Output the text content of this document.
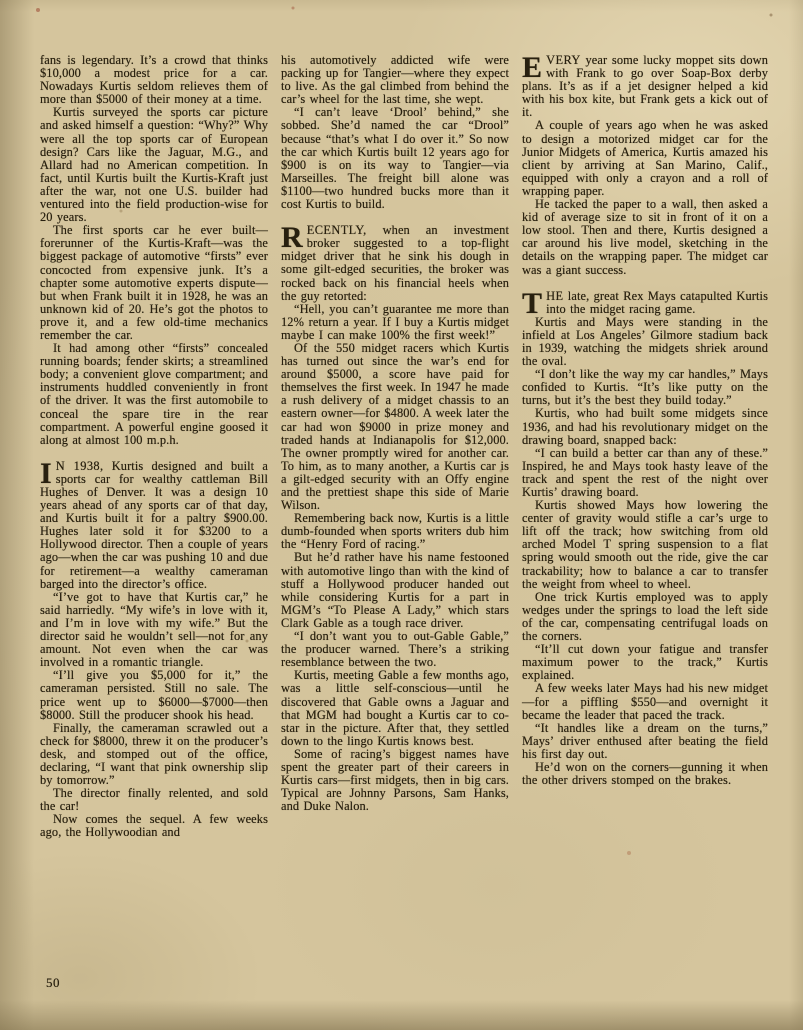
fans is legendary. It’s a crowd that thinks $10,000 a modest price for a car. Nowadays Kurtis seldom relieves them of more than $5000 of their money at a time.

Kurtis surveyed the sports car picture and asked himself a question: “Why?” Why were all the top sports car of European design? Cars like the Jaguar, M.G., and Allard had no American competition. In fact, until Kurtis built the Kurtis-Kraft just after the war, not one U.S. builder had ventured into the field production-wise for 20 years.

The first sports car he ever built—forerunner of the Kurtis-Kraft—was the biggest package of automotive “firsts” ever concocted from expensive junk. It’s a chapter some automotive experts dispute—but when Frank built it in 1928, he was an unknown kid of 20. He’s got the photos to prove it, and a few old-time mechanics remember the car.

It had among other “firsts” concealed running boards; fender skirts; a streamlined body; a convenient glove compartment; and instruments huddled conveniently in front of the driver. It was the first automobile to conceal the spare tire in the rear compartment. A powerful engine goosed it along at almost 100 m.p.h.

I N 1938, Kurtis designed and built a sports car for wealthy cattleman Bill Hughes of Denver. It was a design 10 years ahead of any sports car of that day, and Kurtis built it for a paltry $900.00. Hughes later sold it for $3200 to a Hollywood director. Then a couple of years ago—when the car was pushing 10 and due for retirement—a wealthy cameraman barged into the director’s office.

“I’ve got to have that Kurtis car,” he said harriedly. “My wife’s in love with it, and I’m in love with my wife.” But the director said he wouldn’t sell—not for any amount. Not even when the car was involved in a romantic triangle.

“I’ll give you $5,000 for it,” the cameraman persisted. Still no sale. The price went up to $6000—$7000—then $8000. Still the producer shook his head.

Finally, the cameraman scrawled out a check for $8000, threw it on the producer’s desk, and stomped out of the office, declaring, “I want that pink ownership slip by tomorrow.”

The director finally relented, and sold the car!

Now comes the sequel. A few weeks ago, the Hollywoodian and

his automotively addicted wife were packing up for Tangier—where they expect to live. As the gal climbed from behind the car’s wheel for the last time, she wept.

“I can’t leave ‘Drool’ behind,” she sobbed. She’d named the car “Drool” because “that’s what I do over it.” So now the car which Kurtis built 12 years ago for $900 is on its way to Tangier—via Marseilles. The freight bill alone was $1100—two hundred bucks more than it cost Kurtis to build.

RECENTLY, when an investment broker suggested to a top-flight midget driver that he sink his dough in some gilt-edged securities, the broker was rocked back on his financial heels when the guy retorted:

“Hell, you can’t guarantee me more than 12% return a year. If I buy a Kurtis midget maybe I can make 100% the first week!”

Of the 550 midget racers which Kurtis has turned out since the war’s end for around $5000, a score have paid for themselves the first week. In 1947 he made a rush delivery of a midget chassis to an eastern owner—for $4800. A week later the car had won $9000 in prize money and traded hands at Indianapolis for $12,000. The owner promptly wired for another car. To him, as to many another, a Kurtis car is a gilt-edged security with an Offy engine and the prettiest shape this side of Marie Wilson.

Remembering back now, Kurtis is a little dumb-founded when sports writers dub him the “Henry Ford of racing.”

But he’d rather have his name festooned with automotive lingo than with the kind of stuff a Hollywood producer handed out while considering Kurtis for a part in MGM’s “To Please A Lady,” which stars Clark Gable as a tough race driver.

“I don’t want you to out-Gable Gable,” the producer warned. There’s a striking resemblance between the two.

Kurtis, meeting Gable a few months ago, was a little self-conscious—until he discovered that Gable owns a Jaguar and that MGM had bought a Kurtis car to co-star in the picture. After that, they settled down to the lingo Kurtis knows best.

Some of racing’s biggest names have spent the greater part of their careers in Kurtis cars—first midgets, then in big cars. Typical are Johnny Parsons, Sam Hanks, and Duke Nalon.

EVERY year some lucky moppet sits down with Frank to go over Soap-Box derby plans. It’s as if a jet designer helped a kid with his box kite, but Frank gets a kick out of it.

A couple of years ago when he was asked to design a motorized midget car for the Junior Midgets of America, Kurtis amazed his client by arriving at San Marino, Calif., equipped with only a crayon and a roll of wrapping paper.

He tacked the paper to a wall, then asked a kid of average size to sit in front of it on a low stool. Then and there, Kurtis designed a car around his live model, sketching in the details on the wrapping paper. The midget car was a giant success.

THE late, great Rex Mays catapulted Kurtis into the midget racing game.

Kurtis and Mays were standing in the infield at Los Angeles’ Gilmore stadium back in 1939, watching the midgets shriek around the oval.

“I don’t like the way my car handles,” Mays confided to Kurtis. “It’s like putty on the turns, but it’s the best they build today.”

Kurtis, who had built some midgets since 1936, and had his revolutionary midget on the drawing board, snapped back:

“I can build a better car than any of these.” Inspired, he and Mays took hasty leave of the track and spent the rest of the night over Kurtis’ drawing board.

Kurtis showed Mays how lowering the center of gravity would stifle a car’s urge to lift off the track; how switching from old arched Model T spring suspension to a flat spring would smooth out the ride, give the car trackability; how to balance a car to transfer the weight from wheel to wheel.

One trick Kurtis employed was to apply wedges under the springs to load the left side of the car, compensating centrifugal loads on the corners.

“It’ll cut down your fatigue and transfer maximum power to the track,” Kurtis explained.

A few weeks later Mays had his new midget—for a piffling $550—and overnight it became the leader that paced the track.

“It handles like a dream on the turns,” Mays’ driver enthused after beating the field his first day out.

He’d won on the corners—gunning it when the other drivers stomped on the brakes.

50
